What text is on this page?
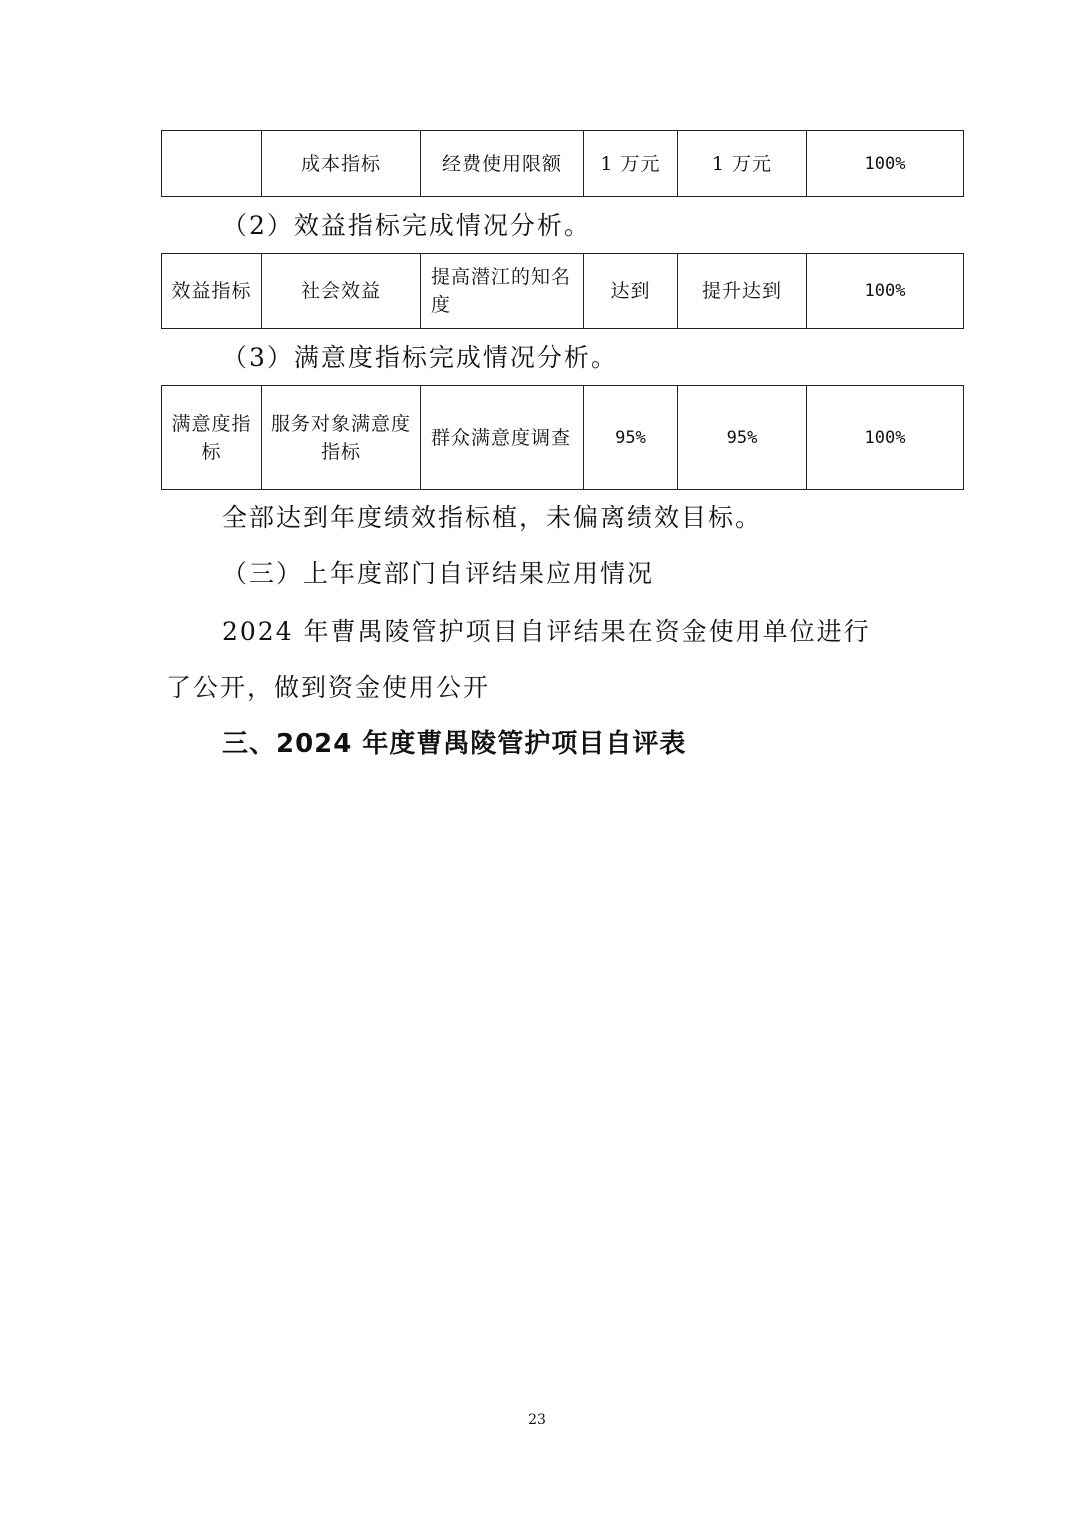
	成本指标	经费使用限额	1 万元	1 万元	100%
（2）效益指标完成情况分析。
效益指标	社会效益	提高潜江的知名度	达到	提升达到	100%
（3）满意度指标完成情况分析。
满意度指标	服务对象满意度指标	群众满意度调查	95%	95%	100%
全部达到年度绩效指标植，未偏离绩效目标。
（三）上年度部门自评结果应用情况
2024 年曹禺陵管护项目自评结果在资金使用单位进行
了公开，做到资金使用公开
三、2024 年度曹禺陵管护项目自评表
23
